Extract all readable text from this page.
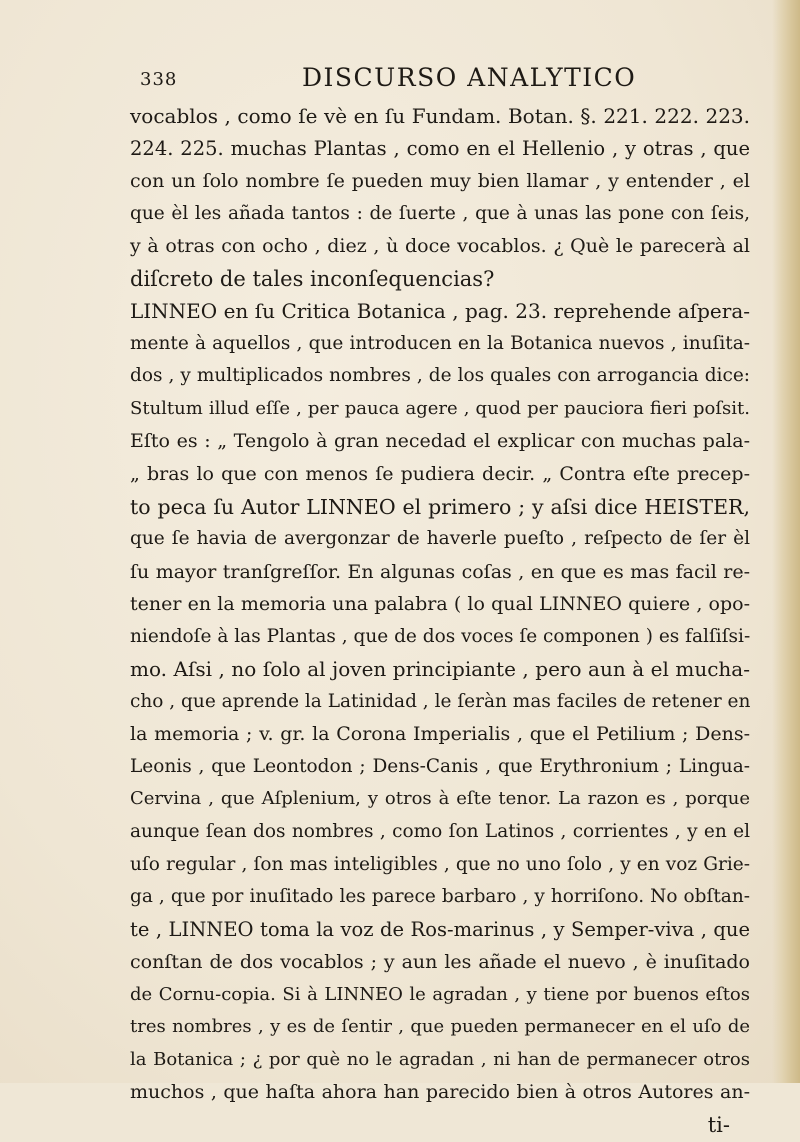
338	DISCURSO ANALYTICO
vocablos , como ſe vè en ſu Fundam. Botan. §. 221. 222. 223.
224. 225. muchas Plantas , como en el Hellenio , y otras , que
con un ſolo nombre ſe pueden muy bien llamar , y entender , el
que èl les añada tantos : de ſuerte , que à unas las pone con ſeis,
y à otras con ocho , diez , ù doce vocablos. ¿ Què le parecerà al
diſcreto de tales inconſequencias?
LINNEO en ſu Critica Botanica , pag. 23. reprehende aſpera-
mente à aquellos , que introducen en la Botanica nuevos , inuſita-
dos , y multiplicados nombres , de los quales con arrogancia dice:
Stultum illud eſſe , per pauca agere , quod per pauciora fieri poſsit.
Eſto es : „ Tengolo à gran necedad el explicar con muchas pala-
„ bras lo que con menos ſe pudiera decir. „ Contra eſte precep-
to peca ſu Autor LINNEO el primero ; y aſsi dice HEISTER,
que ſe havia de avergonzar de haverle pueſto , reſpecto de ſer èl
ſu mayor tranſgreſſor. En algunas coſas , en que es mas facil re-
tener en la memoria una palabra ( lo qual LINNEO quiere , opo-
niendoſe à las Plantas , que de dos voces ſe componen ) es falſiſsi-
mo. Aſsi , no ſolo al joven principiante , pero aun à el mucha-
cho , que aprende la Latinidad , le ſeràn mas faciles de retener en
la memoria ; v. gr. la Corona Imperialis , que el Petilium ; Dens-
Leonis , que Leontodon ; Dens-Canis , que Erythronium ; Lingua-
Cervina , que Aſplenium, y otros à eſte tenor. La razon es , porque
aunque ſean dos nombres , como ſon Latinos , corrientes , y en el
uſo regular , ſon mas inteligibles , que no uno ſolo , y en voz Grie-
ga , que por inuſitado les parece barbaro , y horriſono. No obſtan-
te , LINNEO toma la voz de Ros-marinus , y Semper-viva , que
conſtan de dos vocablos ; y aun les añade el nuevo , è inuſitado
de Cornu-copia. Si à LINNEO le agradan , y tiene por buenos eſtos
tres nombres , y es de ſentir , que pueden permanecer en el uſo de
la Botanica ; ¿ por què no le agradan , ni han de permanecer otros
muchos , que haſta ahora han parecido bien à otros Autores an-
ti-
